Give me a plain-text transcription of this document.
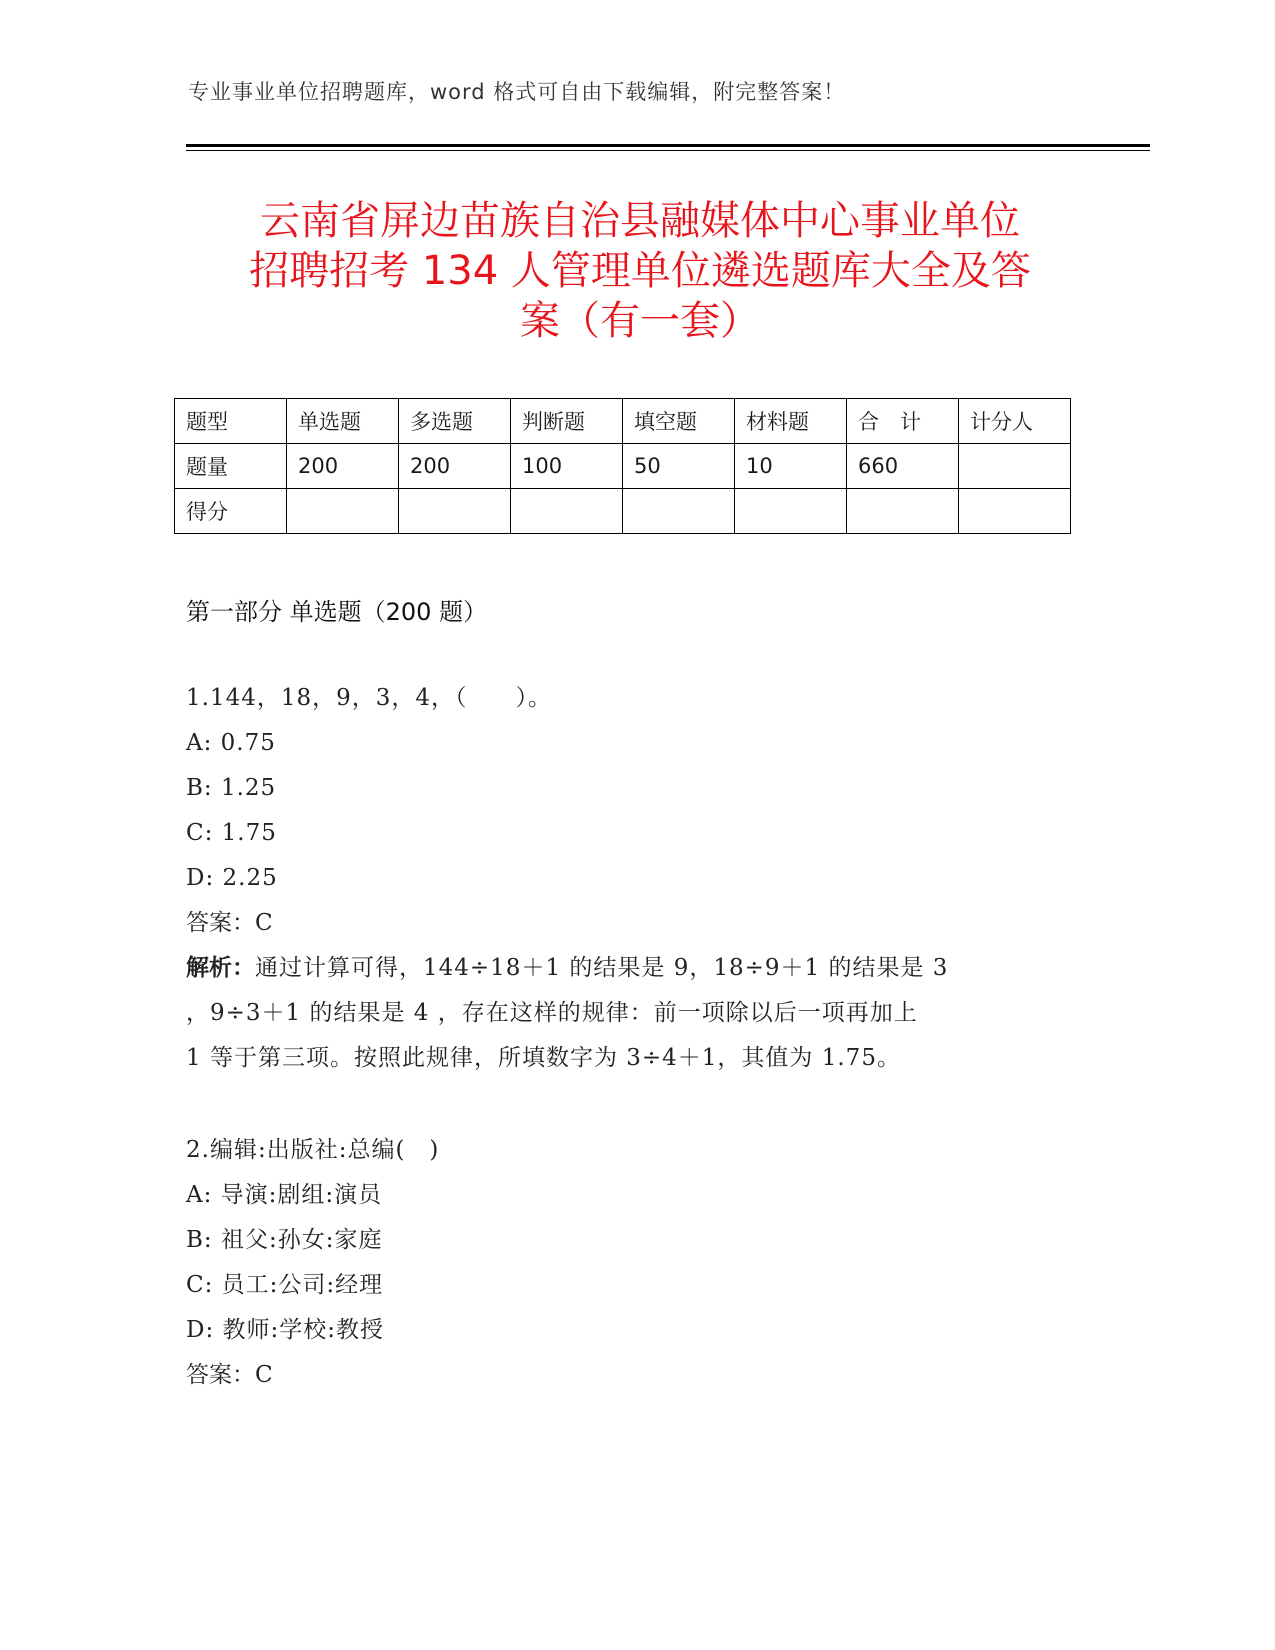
专业事业单位招聘题库，word 格式可自由下载编辑，附完整答案！
云南省屏边苗族自治县融媒体中心事业单位
招聘招考 134 人管理单位遴选题库大全及答
案（有一套）
题型	单选题	多选题	判断题	填空题	材料题	合　计	计分人
题量	200	200	100	50	10	660	
得分							
第一部分 单选题（200 题）
1.144，18，9，3，4，（　　）。
A: 0.75
B: 1.25
C: 1.75
D: 2.25
答案：C
解析：通过计算可得，144÷18＋1 的结果是 9，18÷9＋1 的结果是 3
，9÷3＋1 的结果是 4 ，存在这样的规律：前一项除以后一项再加上
1 等于第三项。按照此规律，所填数字为 3÷4＋1，其值为 1.75。
2.编辑:出版社:总编(　)
A: 导演:剧组:演员
B: 祖父:孙女:家庭
C: 员工:公司:经理
D: 教师:学校:教授
答案：C
